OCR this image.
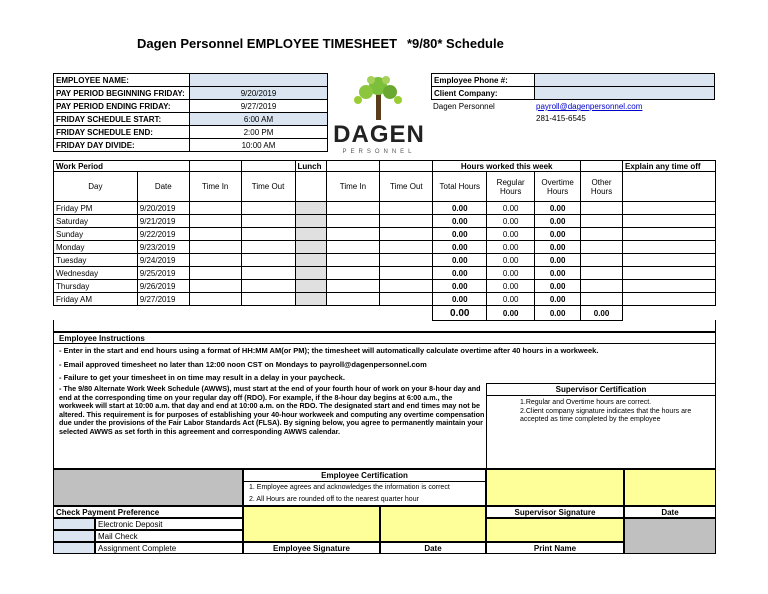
Dagen Personnel EMPLOYEE TIMESHEET *9/80* Schedule
EMPLOYEE NAME:	
PAY PERIOD BEGINNING FRIDAY:	9/20/2019
PAY PERIOD ENDING FRIDAY:	9/27/2019
FRIDAY SCHEDULE START:	6:00 AM
FRIDAY SCHEDULE END:	2:00 PM
FRIDAY DAY DIVIDE:	10:00 AM DAGEN
PERSONNEL
Employee Phone #:	
Client Company:	
Dagen Personnel	payroll@dagenpersonnel.com
281-415-6545
Work Period				Lunch			Hours worked this week				Explain any time off
Day	Date	Time In	Time Out		Time In	Time Out	Total Hours	Regular Hours	Overtime Hours	Other Hours	
Friday PM	9/20/2019						0.00	0.00	0.00		
Saturday	9/21/2019						0.00	0.00	0.00		
Sunday	9/22/2019						0.00	0.00	0.00		
Monday	9/23/2019						0.00	0.00	0.00		
Tuesday	9/24/2019						0.00	0.00	0.00		
Wednesday	9/25/2019						0.00	0.00	0.00		
Thursday	9/26/2019						0.00	0.00	0.00		
Friday AM	9/27/2019						0.00	0.00	0.00		
							0.00	0.00	0.00	0.00	
Employee Instructions
- Enter in the start and end hours using a format of HH:MM AM(or PM); the timesheet will automatically calculate overtime after 40 hours in a workweek.
- Email approved timesheet no later than 12:00 noon CST on Mondays to payroll@dagenpersonnel.com
- Failure to get your timesheet in on time may result in a delay in your paycheck.
- The 9/80 Alternate Work Week Schedule (AWWS), must start at the end of your fourth hour of work on your 8-hour day and end at the corresponding time on your regular day off (RDO). For example, if the 8-hour day begins at 6:00 a.m., the workweek will start at 10:00 a.m. that day and end at 10:00 a.m. on the RDO. The designated start and end times may not be altered. This requirement is for purposes of establishing your 40-hour workweek and computing any overtime compensation due under the provisions of the Fair Labor Standards Act (FLSA). By signing below, you agree to permanently maintain your selected AWWS as set forth in this agreement and corresponding AWWS calendar.
Supervisor Certification
1.Regular and Overtime hours are correct.
2.Client company signature indicates that the hours are accepted as time completed by the employee
Employee Certification
1. Employee agrees and acknowledges the information is correct
2. All Hours are rounded off to the nearest quarter hour
Check Payment Preference
Electronic Deposit
Mail Check
Assignment Complete	Employee Signature	Date
Supervisor Signature	Date
Print Name
